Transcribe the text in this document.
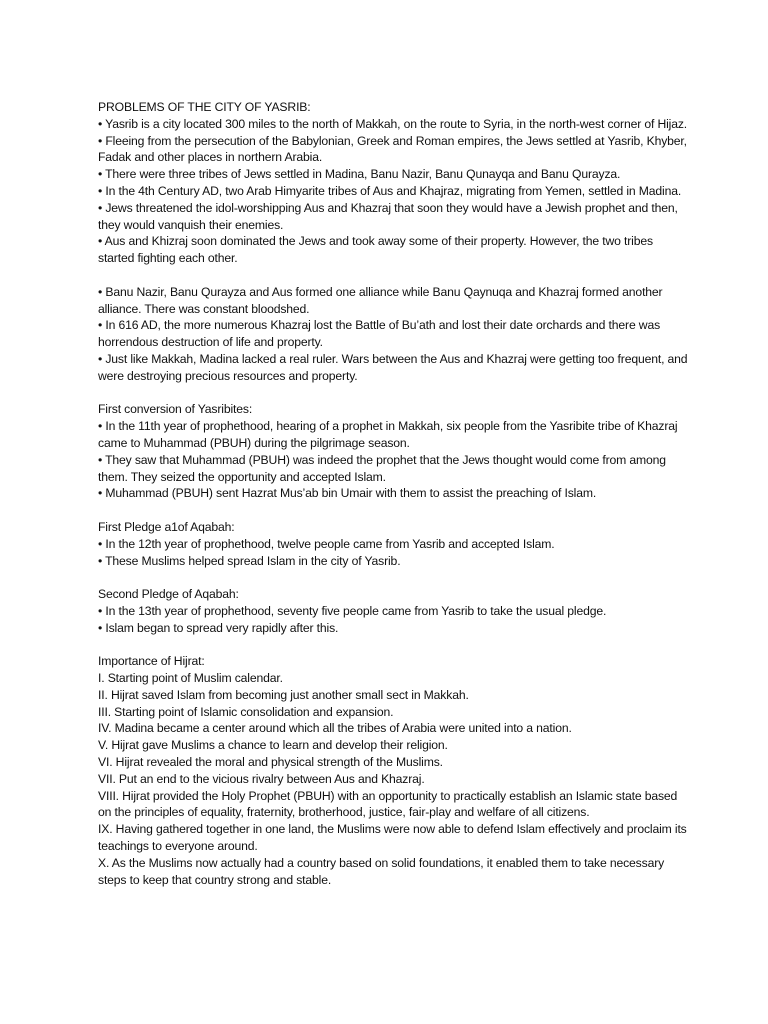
PROBLEMS OF THE CITY OF YASRIB:

• Yasrib is a city located 300 miles to the north of Makkah, on the route to Syria, in the north-west corner of Hijaz.

• Fleeing from the persecution of the Babylonian, Greek and Roman empires, the Jews settled at Yasrib, Khyber, Fadak and other places in northern Arabia.

• There were three tribes of Jews settled in Madina, Banu Nazir, Banu Qunayqa and Banu Qurayza.

• In the 4th Century AD, two Arab Himyarite tribes of Aus and Khajraz, migrating from Yemen, settled in Madina.

• Jews threatened the idol-worshipping Aus and Khazraj that soon they would have a Jewish prophet and then, they would vanquish their enemies.

• Aus and Khizraj soon dominated the Jews and took away some of their property. However, the two tribes started fighting each other.

• Banu Nazir, Banu Qurayza and Aus formed one alliance while Banu Qaynuqa and Khazraj formed another alliance. There was constant bloodshed.

• In 616 AD, the more numerous Khazraj lost the Battle of Bu’ath and lost their date orchards and there was horrendous destruction of life and property.

• Just like Makkah, Madina lacked a real ruler. Wars between the Aus and Khazraj were getting too frequent, and were destroying precious resources and property.

First conversion of Yasribites:

• In the 11th year of prophethood, hearing of a prophet in Makkah, six people from the Yasribite tribe of Khazraj came to Muhammad (PBUH) during the pilgrimage season.

• They saw that Muhammad (PBUH) was indeed the prophet that the Jews thought would come from among them. They seized the opportunity and accepted Islam.

• Muhammad (PBUH) sent Hazrat Mus’ab bin Umair with them to assist the preaching of Islam.

First Pledge a1of Aqabah:

• In the 12th year of prophethood, twelve people came from Yasrib and accepted Islam.

• These Muslims helped spread Islam in the city of Yasrib.

Second Pledge of Aqabah:

• In the 13th year of prophethood, seventy five people came from Yasrib to take the usual pledge.

• Islam began to spread very rapidly after this.

Importance of Hijrat:

I. Starting point of Muslim calendar.

II. Hijrat saved Islam from becoming just another small sect in Makkah.

III. Starting point of Islamic consolidation and expansion.

IV. Madina became a center around which all the tribes of Arabia were united into a nation.

V. Hijrat gave Muslims a chance to learn and develop their religion.

VI. Hijrat revealed the moral and physical strength of the Muslims.

VII. Put an end to the vicious rivalry between Aus and Khazraj.

VIII. Hijrat provided the Holy Prophet (PBUH) with an opportunity to practically establish an Islamic state based on the principles of equality, fraternity, brotherhood, justice, fair-play and welfare of all citizens.

IX. Having gathered together in one land, the Muslims were now able to defend Islam effectively and proclaim its teachings to everyone around.

X. As the Muslims now actually had a country based on solid foundations, it enabled them to take necessary steps to keep that country strong and stable.
